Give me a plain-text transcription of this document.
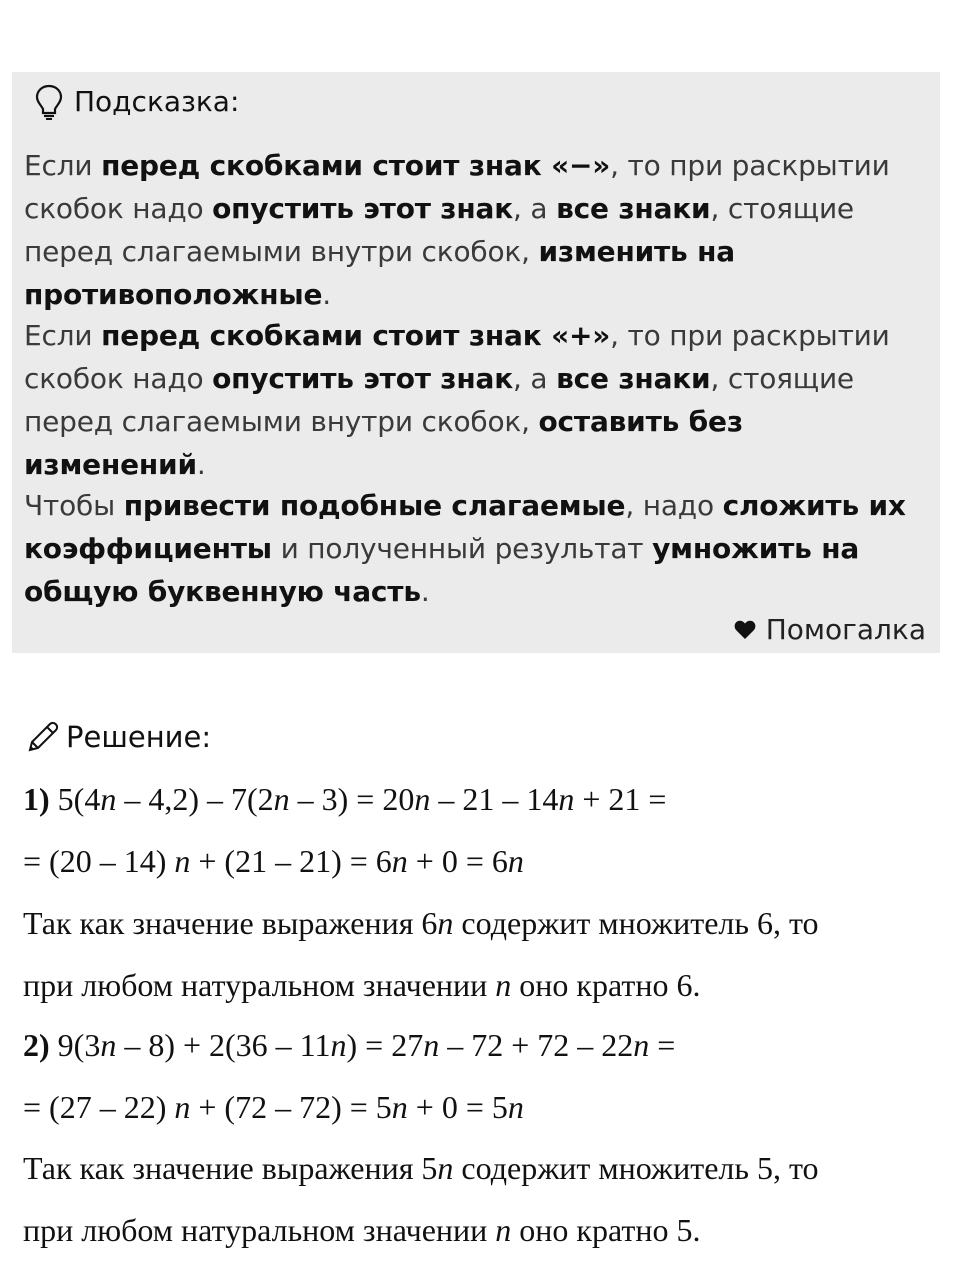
Подсказка:
Если перед скобками стоит знак «−», то при раскрытии скобок надо опустить этот знак, а все знаки, стоящие перед слагаемыми внутри скобок, изменить на противоположные.
Если перед скобками стоит знак «+», то при раскрытии скобок надо опустить этот знак, а все знаки, стоящие перед слагаемыми внутри скобок, оставить без изменений.
Чтобы привести подобные слагаемые, надо сложить их коэффициенты и полученный результат умножить на общую буквенную часть.
Помогалка
Решение:
1) 5(4n – 4,2) – 7(2n – 3) = 20n – 21 – 14n + 21 =
= (20 – 14) n + (21 – 21) = 6n + 0 = 6n
Так как значение выражения 6n содержит множитель 6, то
при любом натуральном значении n оно кратно 6.
2) 9(3n – 8) + 2(36 – 11n) = 27n – 72 + 72 – 22n =
= (27 – 22) n + (72 – 72) = 5n + 0 = 5n
Так как значение выражения 5n содержит множитель 5, то
при любом натуральном значении n оно кратно 5.
